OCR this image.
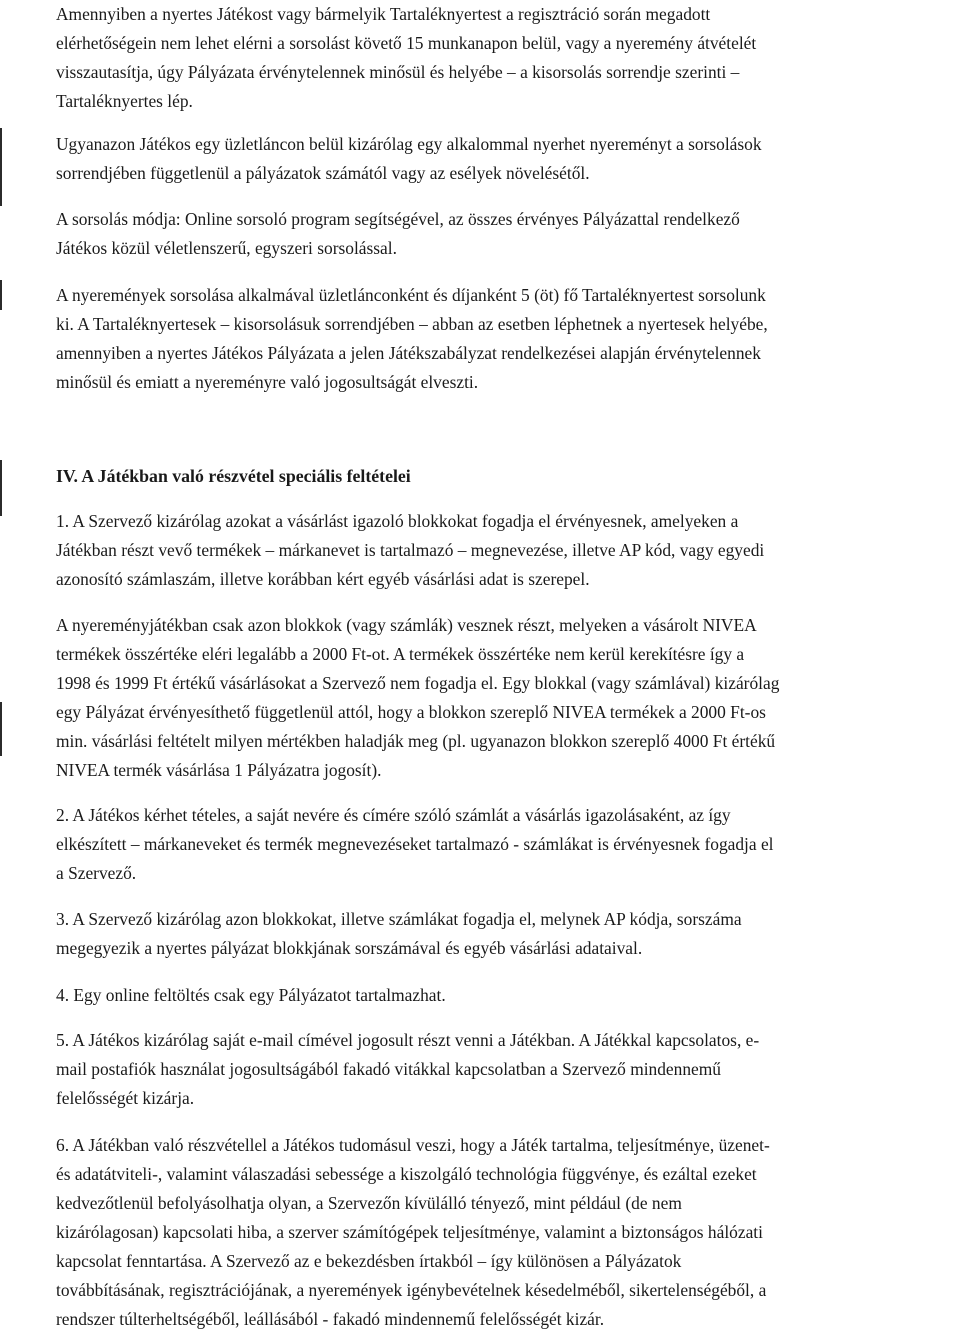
Amennyiben a nyertes Játékost vagy bármelyik Tartaléknyertest a regisztráció során megadott
elérhetőségein nem lehet elérni a sorsolást követő 15 munkanapon belül, vagy a nyeremény átvételét
visszautasítja, úgy Pályázata érvénytelennek minősül és helyébe ‒ a kisorsolás sorrendje szerinti ‒
Tartaléknyertes lép.

Ugyanazon Játékos egy üzletláncon belül kizárólag egy alkalommal nyerhet nyereményt a sorsolások
sorrendjében függetlenül a pályázatok számától vagy az esélyek növelésétől.

A sorsolás módja: Online sorsoló program segítségével, az összes érvényes Pályázattal rendelkező
Játékos közül véletlenszerű, egyszeri sorsolással.

A nyeremények sorsolása alkalmával üzletlánconként és díjanként 5 (öt) fő Tartaléknyertest sorsolunk
ki. A Tartaléknyertesek ‒ kisorsolásuk sorrendjében ‒ abban az esetben léphetnek a nyertesek helyébe,
amennyiben a nyertes Játékos Pályázata a jelen Játékszabályzat rendelkezései alapján érvénytelennek
minősül és emiatt a nyereményre való jogosultságát elveszti.

IV. A Játékban való részvétel speciális feltételei

1. A Szervező kizárólag azokat a vásárlást igazoló blokkokat fogadja el érvényesnek, amelyeken a
Játékban részt vevő termékek ‒ márkanevet is tartalmazó ‒ megnevezése, illetve AP kód, vagy egyedi
azonosító számlaszám, illetve korábban kért egyéb vásárlási adat is szerepel.

A nyereményjátékban csak azon blokkok (vagy számlák) vesznek részt, melyeken a vásárolt NIVEA
termékek összértéke eléri legalább a 2000 Ft-ot. A termékek összértéke nem kerül kerekítésre így a
1998 és 1999 Ft értékű vásárlásokat a Szervező nem fogadja el. Egy blokkal (vagy számlával) kizárólag
egy Pályázat érvényesíthető függetlenül attól, hogy a blokkon szereplő NIVEA termékek a 2000 Ft-os
min. vásárlási feltételt milyen mértékben haladják meg (pl. ugyanazon blokkon szereplő 4000 Ft értékű
NIVEA termék vásárlása 1 Pályázatra jogosít).

2. A Játékos kérhet tételes, a saját nevére és címére szóló számlát a vásárlás igazolásaként, az így
elkészített ‒ márkaneveket és termék megnevezéseket tartalmazó - számlákat is érvényesnek fogadja el
a Szervező.

3. A Szervező kizárólag azon blokkokat, illetve számlákat fogadja el, melynek AP kódja, sorszáma
megegyezik a nyertes pályázat blokkjának sorszámával és egyéb vásárlási adataival.

4. Egy online feltöltés csak egy Pályázatot tartalmazhat.

5. A Játékos kizárólag saját e-mail címével jogosult részt venni a Játékban. A Játékkal kapcsolatos, e-
mail postafiók használat jogosultságából fakadó vitákkal kapcsolatban a Szervező mindennemű
felelősségét kizárja.

6. A Játékban való részvétellel a Játékos tudomásul veszi, hogy a Játék tartalma, teljesítménye, üzenet-
és adatátviteli-, valamint válaszadási sebessége a kiszolgáló technológia függvénye, és ezáltal ezeket
kedvezőtlenül befolyásolhatja olyan, a Szervezőn kívülálló tényező, mint például (de nem
kizárólagosan) kapcsolati hiba, a szerver számítógépek teljesítménye, valamint a biztonságos hálózati
kapcsolat fenntartása. A Szervező az e bekezdésben írtakból ‒ így különösen a Pályázatok
továbbításának, regisztrációjának, a nyeremények igénybevételnek késedelméből, sikertelenségéből, a
rendszer túlterheltségéből, leállásából - fakadó mindennemű felelősségét kizár.
